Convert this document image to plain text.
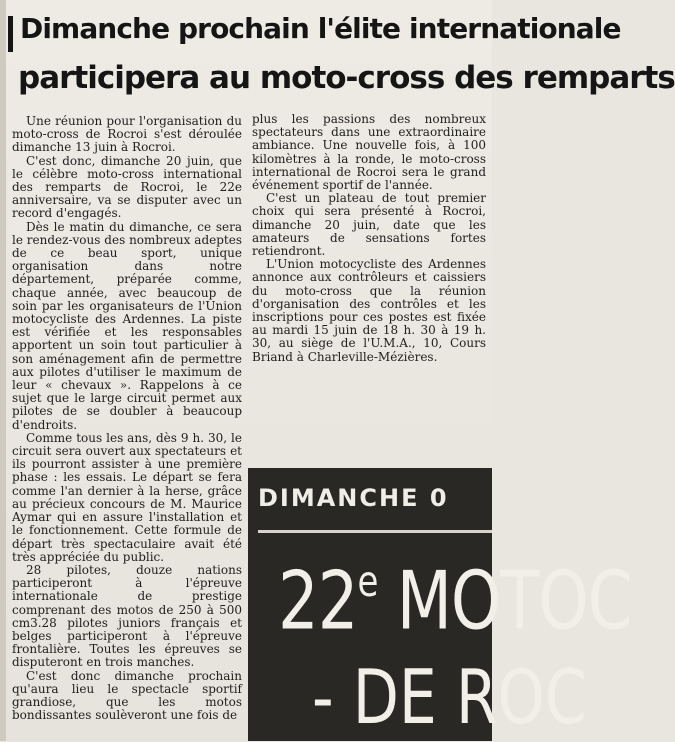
Dimanche prochain l'élite internationale
participera au moto-cross des remparts

Une réunion pour l'organisation du moto-cross de Rocroi s'est déroulée dimanche 13 juin à Rocroi.

C'est donc, dimanche 20 juin, que le célèbre moto-cross international des remparts de Rocroi, le 22e anniversaire, va se disputer avec un record d'engagés.

Dès le matin du dimanche, ce sera le rendez-vous des nombreux adeptes de ce beau sport, unique organisation dans notre département, préparée comme, chaque année, avec beaucoup de soin par les organisateurs de l'Union motocycliste des Ardennes. La piste est vérifiée et les responsables apportent un soin tout particulier à son aménagement afin de permettre aux pilotes d'utiliser le maximum de leur « chevaux ». Rappelons à ce sujet que le large circuit permet aux pilotes de se doubler à beaucoup d'endroits.

Comme tous les ans, dès 9 h. 30, le circuit sera ouvert aux spectateurs et ils pourront assister à une première phase : les essais. Le départ se fera comme l'an dernier à la herse, grâce au précieux concours de M. Maurice Aymar qui en assure l'installation et le fonctionnement. Cette formule de départ très spectaculaire avait été très appréciée du public.

28 pilotes, douze nations participeront à l'épreuve internationale de prestige comprenant des motos de 250 à 500 cm3.28 pilotes juniors français et belges participeront à l'épreuve frontalière. Toutes les épreuves se disputeront en trois manches.

C'est donc dimanche prochain qu'aura lieu le spectacle sportif grandiose, que les motos bondissantes soulèveront une fois de

plus les passions des nombreux spectateurs dans une extraordinaire ambiance. Une nouvelle fois, à 100 kilomètres à la ronde, le moto-cross international de Rocroi sera le grand événement sportif de l'année.

C'est un plateau de tout premier choix qui sera présenté à Rocroi, dimanche 20 juin, date que les amateurs de sensations fortes retiendront.

L'Union motocycliste des Ardennes annonce aux contrôleurs et caissiers du moto-cross que la réunion d'organisation des contrôles et les inscriptions pour ces postes est fixée au mardi 15 juin de 18 h. 30 à 19 h. 30, au siège de l'U.M.A., 10, Cours Briand à Charleville-Mézières.

DIMANCHE 0
22e MOTOC
- DE ROC
